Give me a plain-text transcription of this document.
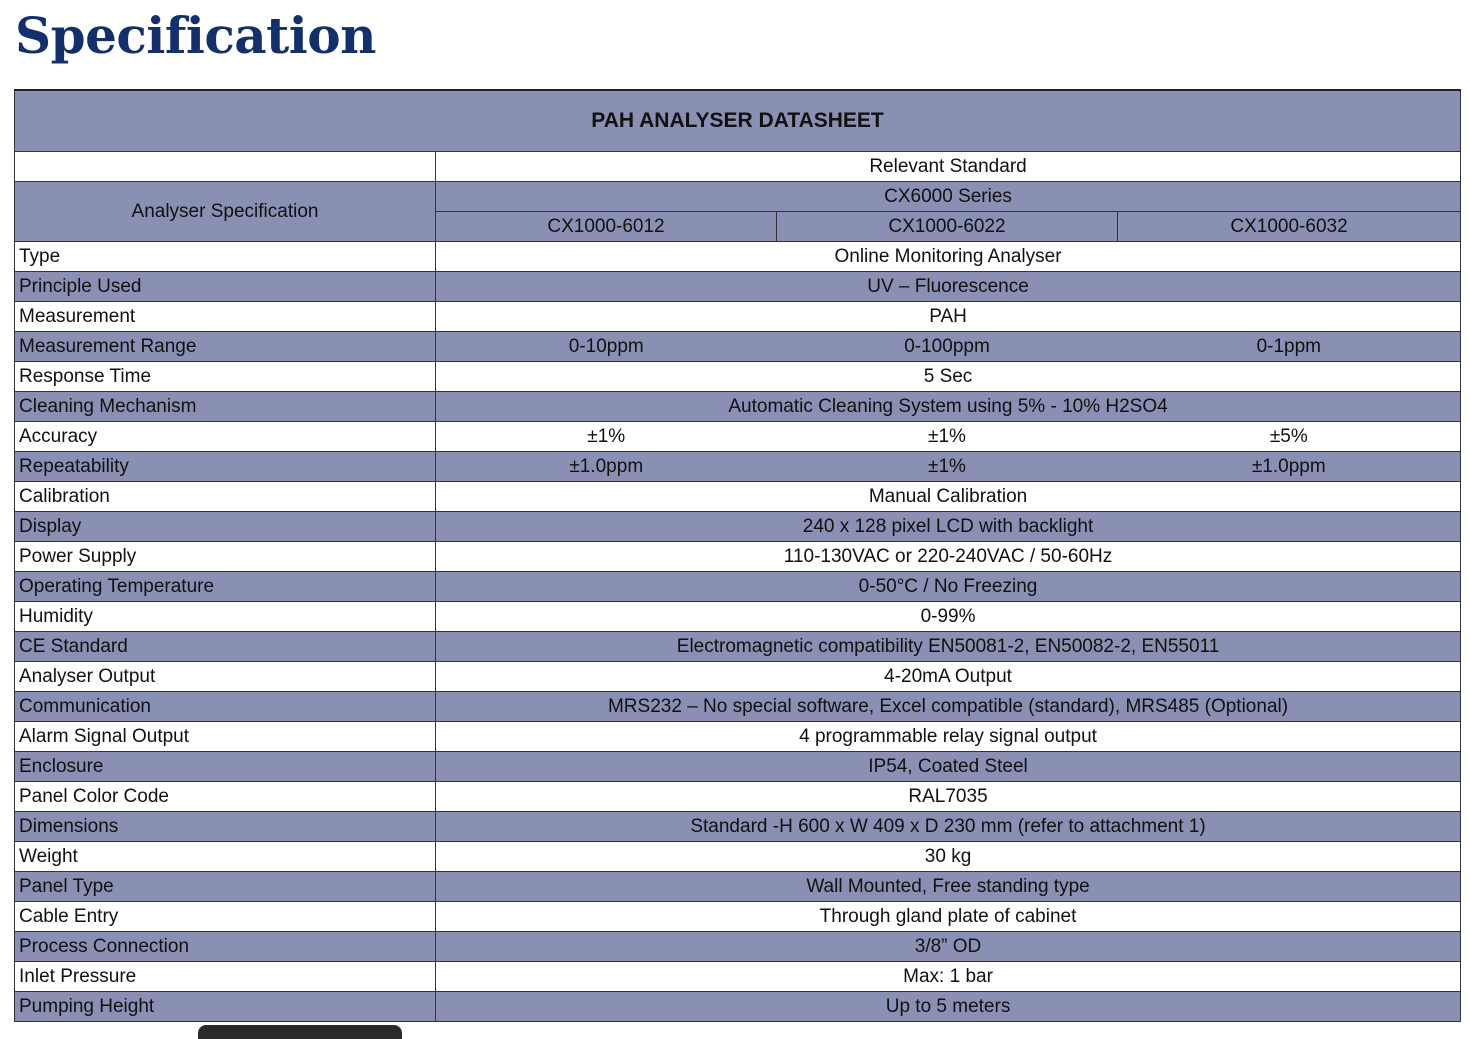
Specification
PAH ANALYSER DATASHEET			
	Relevant Standard		
Analyser Specification	CX6000 Series		
	CX1000-6012	CX1000-6022	CX1000-6032
Type	Online Monitoring Analyser		
Principle Used	UV – Fluorescence		
Measurement	PAH		
Measurement Range	0-10ppm	0-100ppm	0-1ppm
Response Time	5 Sec		
Cleaning Mechanism	Automatic Cleaning System using 5% - 10% H2SO4		
Accuracy	±1%	±1%	±5%
Repeatability	±1.0ppm	±1%	±1.0ppm
Calibration	Manual Calibration		
Display	240 x 128 pixel LCD with backlight		
Power Supply	110-130VAC or 220-240VAC / 50-60Hz		
Operating Temperature	0-50°C / No Freezing		
Humidity	0-99%		
CE Standard	Electromagnetic compatibility EN50081-2, EN50082-2, EN55011		
Analyser Output	4-20mA Output		
Communication	MRS232 – No special software, Excel compatible (standard), MRS485 (Optional)		
Alarm Signal Output	4 programmable relay signal output		
Enclosure	IP54, Coated Steel		
Panel Color Code	RAL7035		
Dimensions	Standard -H 600 x W 409 x D 230 mm (refer to attachment 1)		
Weight	30 kg		
Panel Type	Wall Mounted, Free standing type		
Cable Entry	Through gland plate of cabinet		
Process Connection	3/8” OD		
Inlet Pressure	Max: 1 bar		
Pumping Height	Up to 5 meters		
